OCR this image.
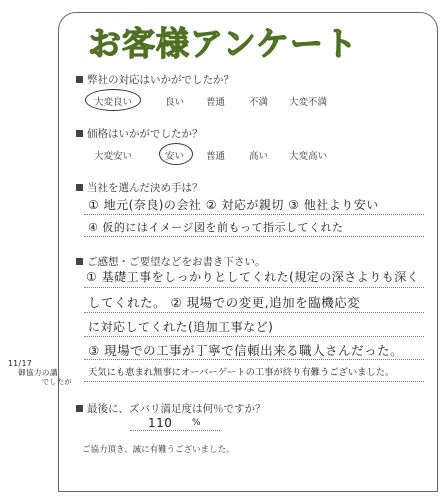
お客様アンケート
弊社の対応はいかがでしたか？
大変良い	良い 普通	不満 大変不満
価格はいかがでしたか？
大変安い	安い 普通	高い 大変高い
当社を選んだ決め手は？
① 地元(奈良)の会社 ② 対応が親切 ③ 他社より安い
④ 仮的にはイメージ図を前もって指示してくれた
ご感想・ご要望などをお書き下さい。
① 基礎工事をしっかりとしてくれた(規定の深さよりも深く
してくれた。 ② 現場での変更,追加を臨機応変
に対応してくれた(追加工事など)
③ 現場での工事が丁寧で信頼出来る職人さんだった。
11/17
御協力の講
でしたが
天気にも恵まれ無事にオーバーゲートの工事が終り有難うございました。
最後に、ズバリ満足度は何％ですか？
110 %
ご協力頂き、誠に有難うございました。
